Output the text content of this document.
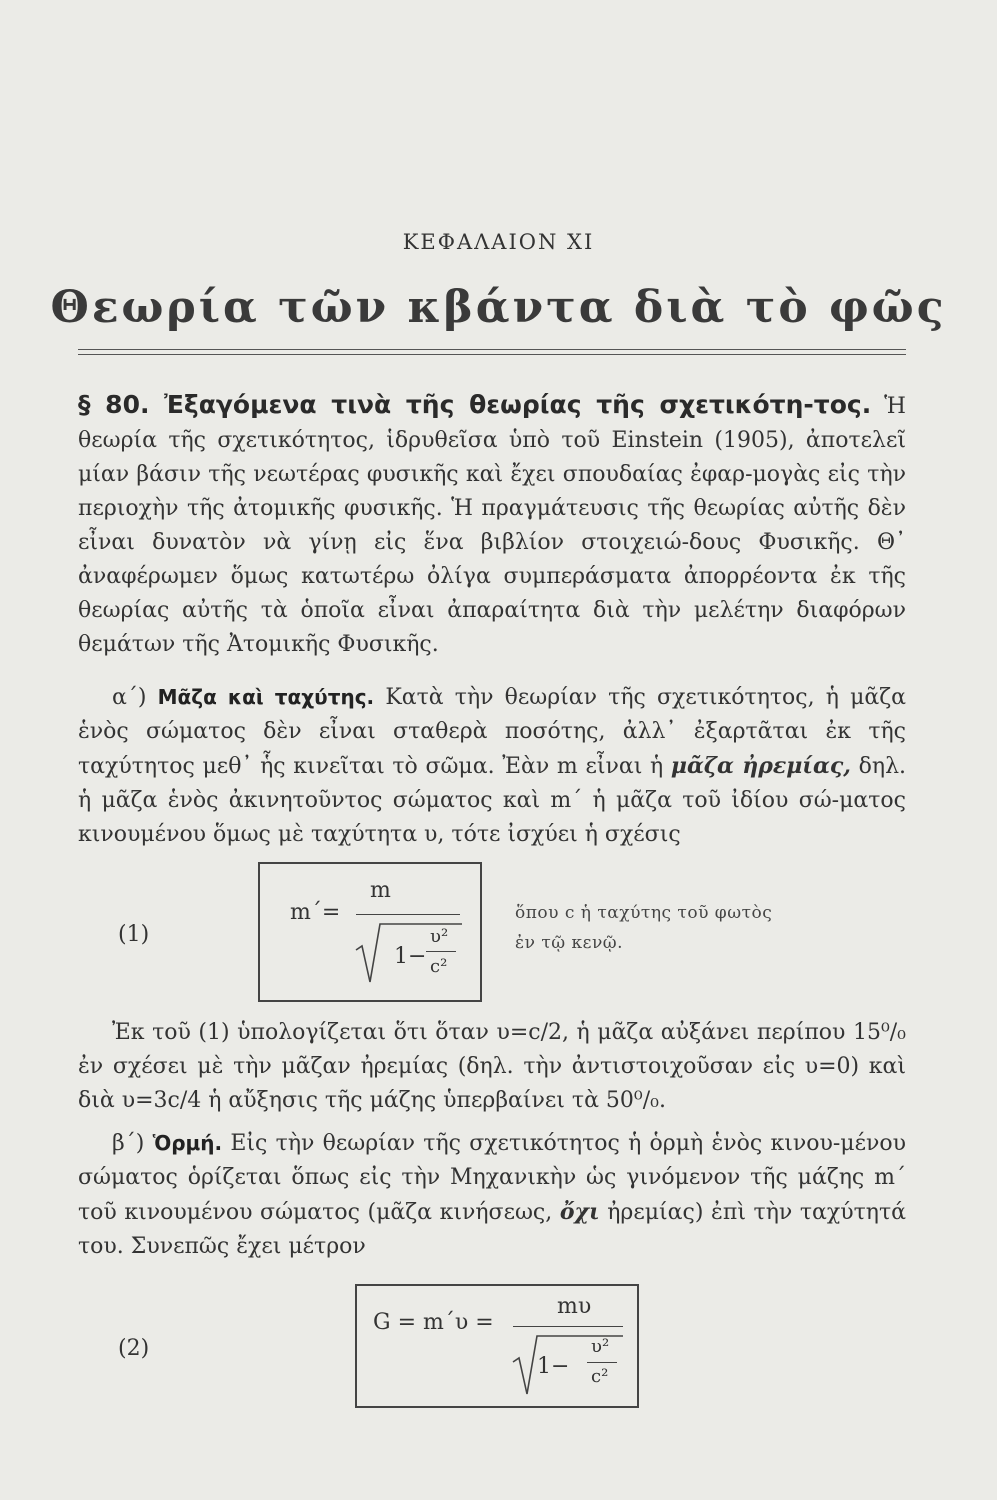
ΚΕΦΑΛΑΙΟΝ XI
Θεωρία τῶν κβάντα διὰ τὸ φῶς

§ 80. Ἐξαγόμενα τινὰ τῆς θεωρίας τῆς σχετικότη-τος. Ἡ θεωρία τῆς σχετικότητος, ἱδρυθεῖσα ὑπὸ τοῦ Einstein (1905), ἀποτελεῖ μίαν βάσιν τῆς νεωτέρας φυσικῆς καὶ ἔχει σπουδαίας ἐφαρ-μογὰς εἰς τὴν περιοχὴν τῆς ἀτομικῆς φυσικῆς. Ἡ πραγμάτευσις τῆς θεωρίας αὐτῆς δὲν εἶναι δυνατὸν νὰ γίνῃ εἰς ἕνα βιβλίον στοιχειώ-δους Φυσικῆς. Θ᾿ ἀναφέρωμεν ὅμως κατωτέρω ὀλίγα συμπεράσματα ἀπορρέοντα ἐκ τῆς θεωρίας αὐτῆς τὰ ὁποῖα εἶναι ἀπαραίτητα διὰ τὴν μελέτην διαφόρων θεμάτων τῆς Ἀτομικῆς Φυσικῆς.

α΄) Μᾶζα καὶ ταχύτης. Κατὰ τὴν θεωρίαν τῆς σχετικότητος, ἡ μᾶζα ἑνὸς σώματος δὲν εἶναι σταθερὰ ποσότης, ἀλλ᾿ ἐξαρτᾶται ἐκ τῆς ταχύτητος μεθ᾿ ἧς κινεῖται τὸ σῶμα. Ἐὰν m εἶναι ἡ μᾶζα ἠρεμίας, δηλ. ἡ μᾶζα ἑνὸς ἀκινητοῦντος σώματος καὶ m΄ ἡ μᾶζα τοῦ ἰδίου σώ-ματος κινουμένου ὅμως μὲ ταχύτητα υ, τότε ἰσχύει ἡ σχέσις

(1)
m΄=
m
1−
υ²
c²

ὅπου c ἡ ταχύτης τοῦ φωτὸς

ἐν τῷ κενῷ.

Ἐκ τοῦ (1) ὑπολογίζεται ὅτι ὅταν υ=c/2, ἡ μᾶζα αὐξάνει περίπου 15⁰/₀ ἐν σχέσει μὲ τὴν μᾶζαν ἠρεμίας (δηλ. τὴν ἀντιστοιχοῦσαν εἰς υ=0) καὶ διὰ υ=3c/4 ἡ αὔξησις τῆς μάζης ὑπερβαίνει τὰ 50⁰/₀.

β΄) Ὁρμή. Εἰς τὴν θεωρίαν τῆς σχετικότητος ἡ ὁρμὴ ἑνὸς κινου-μένου σώματος ὁρίζεται ὅπως εἰς τὴν Μηχανικὴν ὡς γινόμενον τῆς μάζης m΄ τοῦ κινουμένου σώματος (μᾶζα κινήσεως, ὄχι ἠρεμίας) ἐπὶ τὴν ταχύτητά του. Συνεπῶς ἔχει μέτρον

(2)
G = m΄υ =
mυ
1−
υ²
c²
